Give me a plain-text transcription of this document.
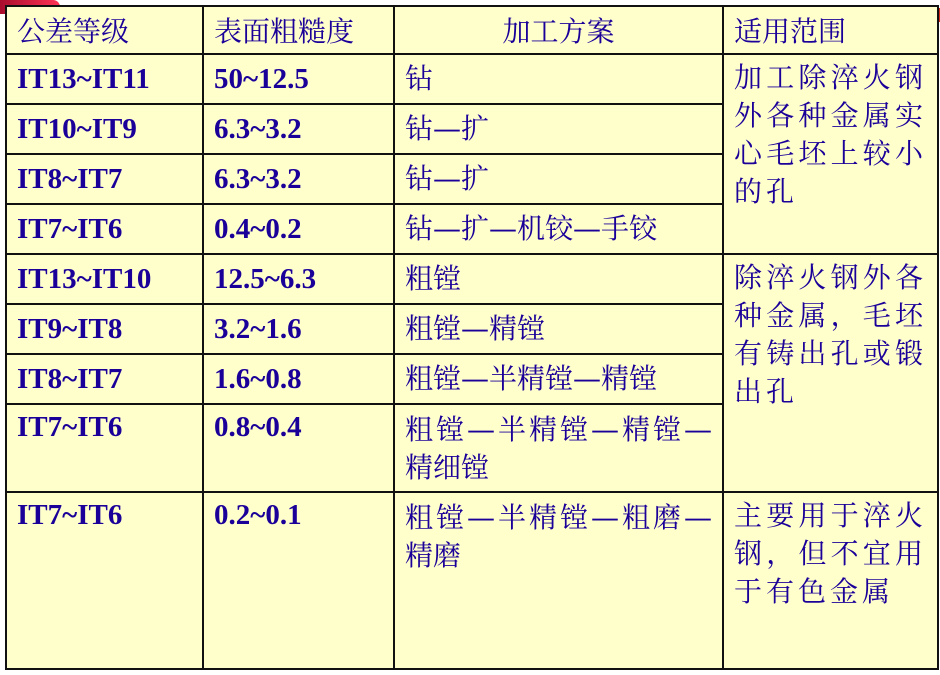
公差等级	表面粗糙度	加工方案	适用范围
IT13~IT11	50~12.5	钻	加工除淬火钢外各种金属实心毛坯上较小的孔
IT10~IT9	6.3~3.2	钻—扩	
IT8~IT7	6.3~3.2	钻—扩	
IT7~IT6	0.4~0.2	钻—扩—机铰—手铰	
IT13~IT10	12.5~6.3	粗镗	除淬火钢外各种金属，毛坯有铸出孔或锻出孔
IT9~IT8	3.2~1.6	粗镗—精镗	
IT8~IT7	1.6~0.8	粗镗—半精镗—精镗	
IT7~IT6	0.8~0.4	粗镗—半精镗—精镗—精细镗	
IT7~IT6	0.2~0.1	粗镗—半精镗—粗磨—精磨	主要用于淬火钢，但不宜用于有色金属
